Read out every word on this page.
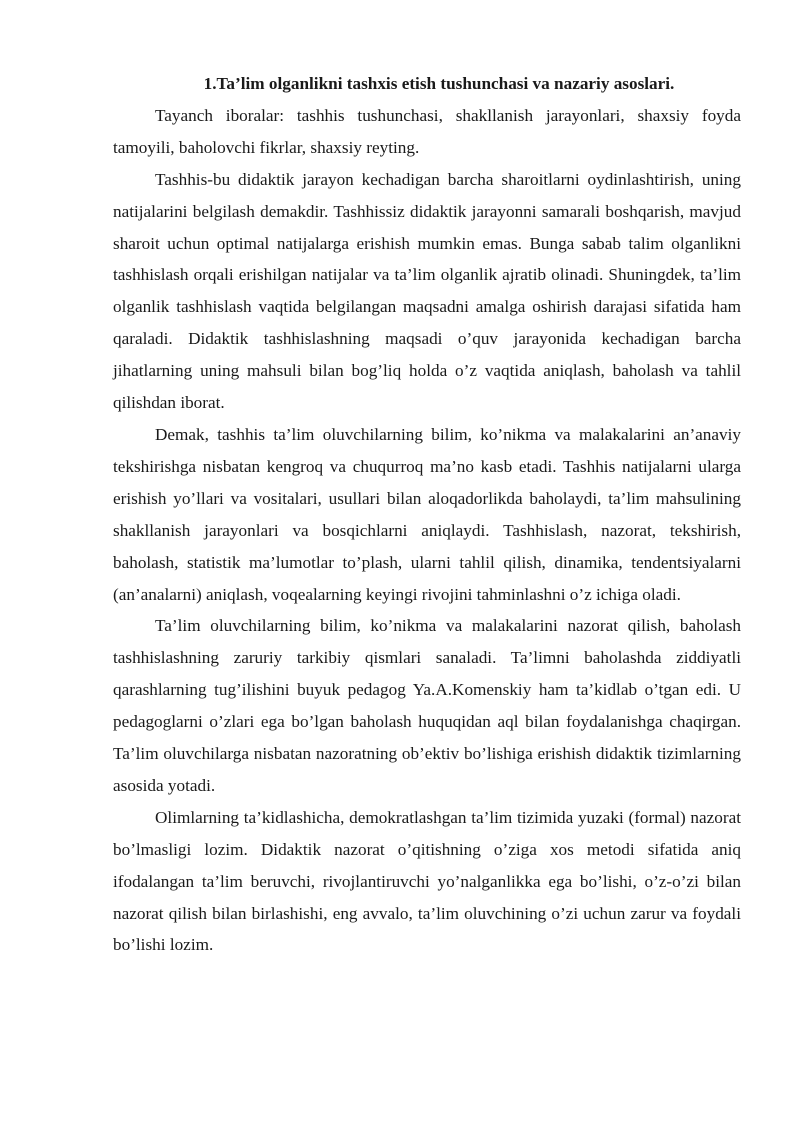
1.Ta’lim olganlikni tashxis etish tushunchasi va nazariy asoslari.

Tayanch iboralar: tashhis tushunchasi, shakllanish jarayonlari, shaxsiy foyda tamoyili, baholovchi fikrlar, shaxsiy reyting.

Tashhis-bu didaktik jarayon kechadigan barcha sharoitlarni oydinlashtirish, uning natijalarini belgilash demakdir. Tashhissiz didaktik jarayonni samarali boshqarish, mavjud sharoit uchun optimal natijalarga erishish mumkin emas. Bunga sabab talim olganlikni tashhislash orqali erishilgan natijalar va ta’lim olganlik ajratib olinadi. Shuningdek, ta’lim olganlik tashhislash vaqtida belgilangan maqsadni amalga oshirish darajasi sifatida ham qaraladi. Didaktik tashhislashning maqsadi o’quv jarayonida kechadigan barcha jihatlarning uning mahsuli bilan bog’liq holda o’z vaqtida aniqlash, baholash va tahlil qilishdan iborat.

Demak, tashhis ta’lim oluvchilarning bilim, ko’nikma va malakalarini an’anaviy tekshirishga nisbatan kengroq va chuqurroq ma’no kasb etadi. Tashhis natijalarni ularga erishish yo’llari va vositalari, usullari bilan aloqadorlikda baholaydi, ta’lim mahsulining shakllanish jarayonlari va bosqichlarni aniqlaydi. Tashhislash, nazorat, tekshirish, baholash, statistik ma’lumotlar to’plash, ularni tahlil qilish, dinamika, tendentsiyalarni (an’analarni) aniqlash, voqealarning keyingi rivojini tahminlashni o’z ichiga oladi.

Ta’lim oluvchilarning bilim, ko’nikma va malakalarini nazorat qilish, baholash tashhislashning zaruriy tarkibiy qismlari sanaladi. Ta’limni baholashda ziddiyatli qarashlarning tug’ilishini buyuk pedagog Ya.A.Komenskiy ham ta’kidlab o’tgan edi. U pedagoglarni o’zlari ega bo’lgan baholash huquqidan aql bilan foydalanishga chaqirgan. Ta’lim oluvchilarga nisbatan nazoratning ob’ektiv bo’lishiga erishish didaktik tizimlarning asosida yotadi.

Olimlarning ta’kidlashicha, demokratlashgan ta’lim tizimida yuzaki (formal) nazorat bo’lmasligi lozim. Didaktik nazorat o’qitishning o’ziga xos metodi sifatida aniq ifodalangan ta’lim beruvchi, rivojlantiruvchi yo’nalganlikka ega bo’lishi, o’z-o’zi bilan nazorat qilish bilan birlashishi, eng avvalo, ta’lim oluvchining o’zi uchun zarur va foydali bo’lishi lozim.
